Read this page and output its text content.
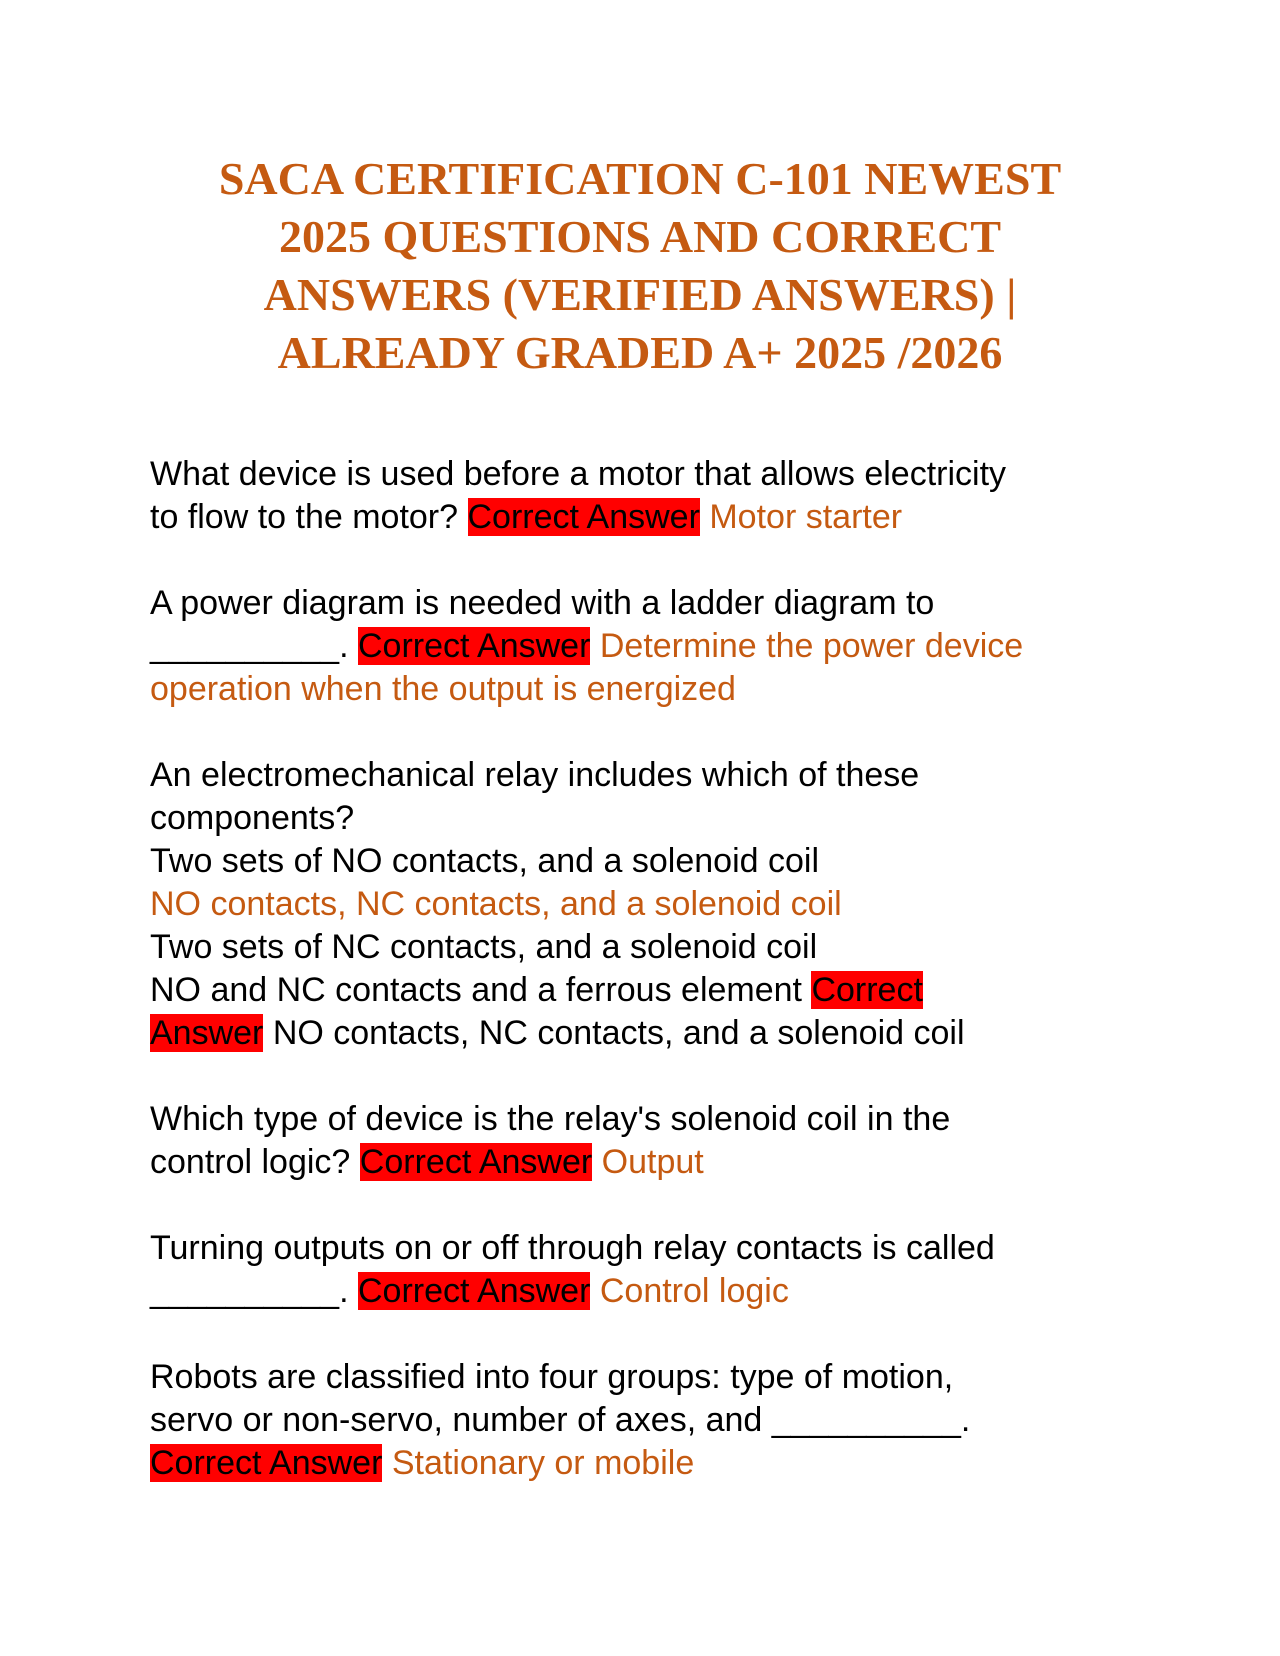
SACA CERTIFICATION C-101 NEWEST
2025 QUESTIONS AND CORRECT
ANSWERS (VERIFIED ANSWERS) |
ALREADY GRADED A+ 2025 /2026
What device is used before a motor that allows electricity
to flow to the motor? Correct Answer Motor starter
A power diagram is needed with a ladder diagram to
__________. Correct Answer Determine the power device
operation when the output is energized
An electromechanical relay includes which of these
components?
Two sets of NO contacts, and a solenoid coil
NO contacts, NC contacts, and a solenoid coil
Two sets of NC contacts, and a solenoid coil
NO and NC contacts and a ferrous element Correct
Answer NO contacts, NC contacts, and a solenoid coil
Which type of device is the relay's solenoid coil in the
control logic? Correct Answer Output
Turning outputs on or off through relay contacts is called
__________. Correct Answer Control logic
Robots are classified into four groups: type of motion,
servo or non-servo, number of axes, and __________.
Correct Answer Stationary or mobile
